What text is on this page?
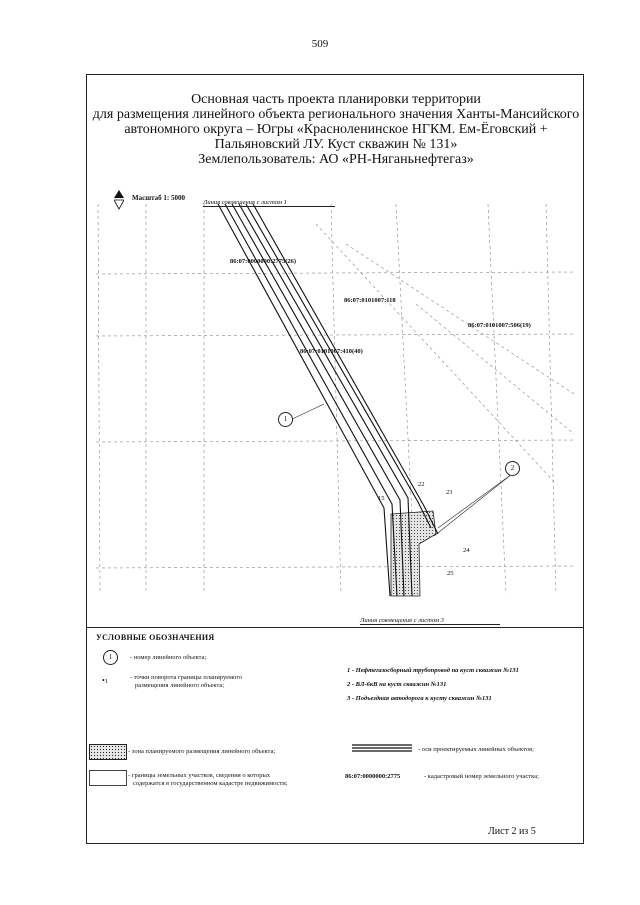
509
Основная часть проекта планировки территории
для размещения линейного объекта регионального значения Ханты-Мансийского
автономного округа – Югры «Красноленинское НГКМ. Ем-Ёговский +
Пальяновский ЛУ. Куст скважин № 131»
Землепользователь: АО «РН-Няганьнефтегаз»
Масштаб 1: 5000
Линия совмещения с листом 1
Линия совмещения с листом 3
86:07:0000000:2775(26)
86:07:0101007:118
86:07:0101007:506(19)
86:07:0101007:410(40)
1
2
15
22
23
24
25
УСЛОВНЫЕ ОБОЗНАЧЕНИЯ
1	- номер линейного объекта;
•1
- точки поворота границы планируемого
размещения линейного объекта;
1 - Нефтегазосборный трубопровод на куст скважин №131
2 - ВЛ-6кВ на куст скважин №131
3 - Подъездная автодорога к кусту скважин №131
- зона планируемого размещения линейного объекта;	- оси проектируемых линейных объектов;
- границы земельных участков, сведения о которых
содержатся в государственном кадастре недвижимости;
86:07:0000000:2775	- кадастровый номер земельного участка;
Лист 2 из 5
